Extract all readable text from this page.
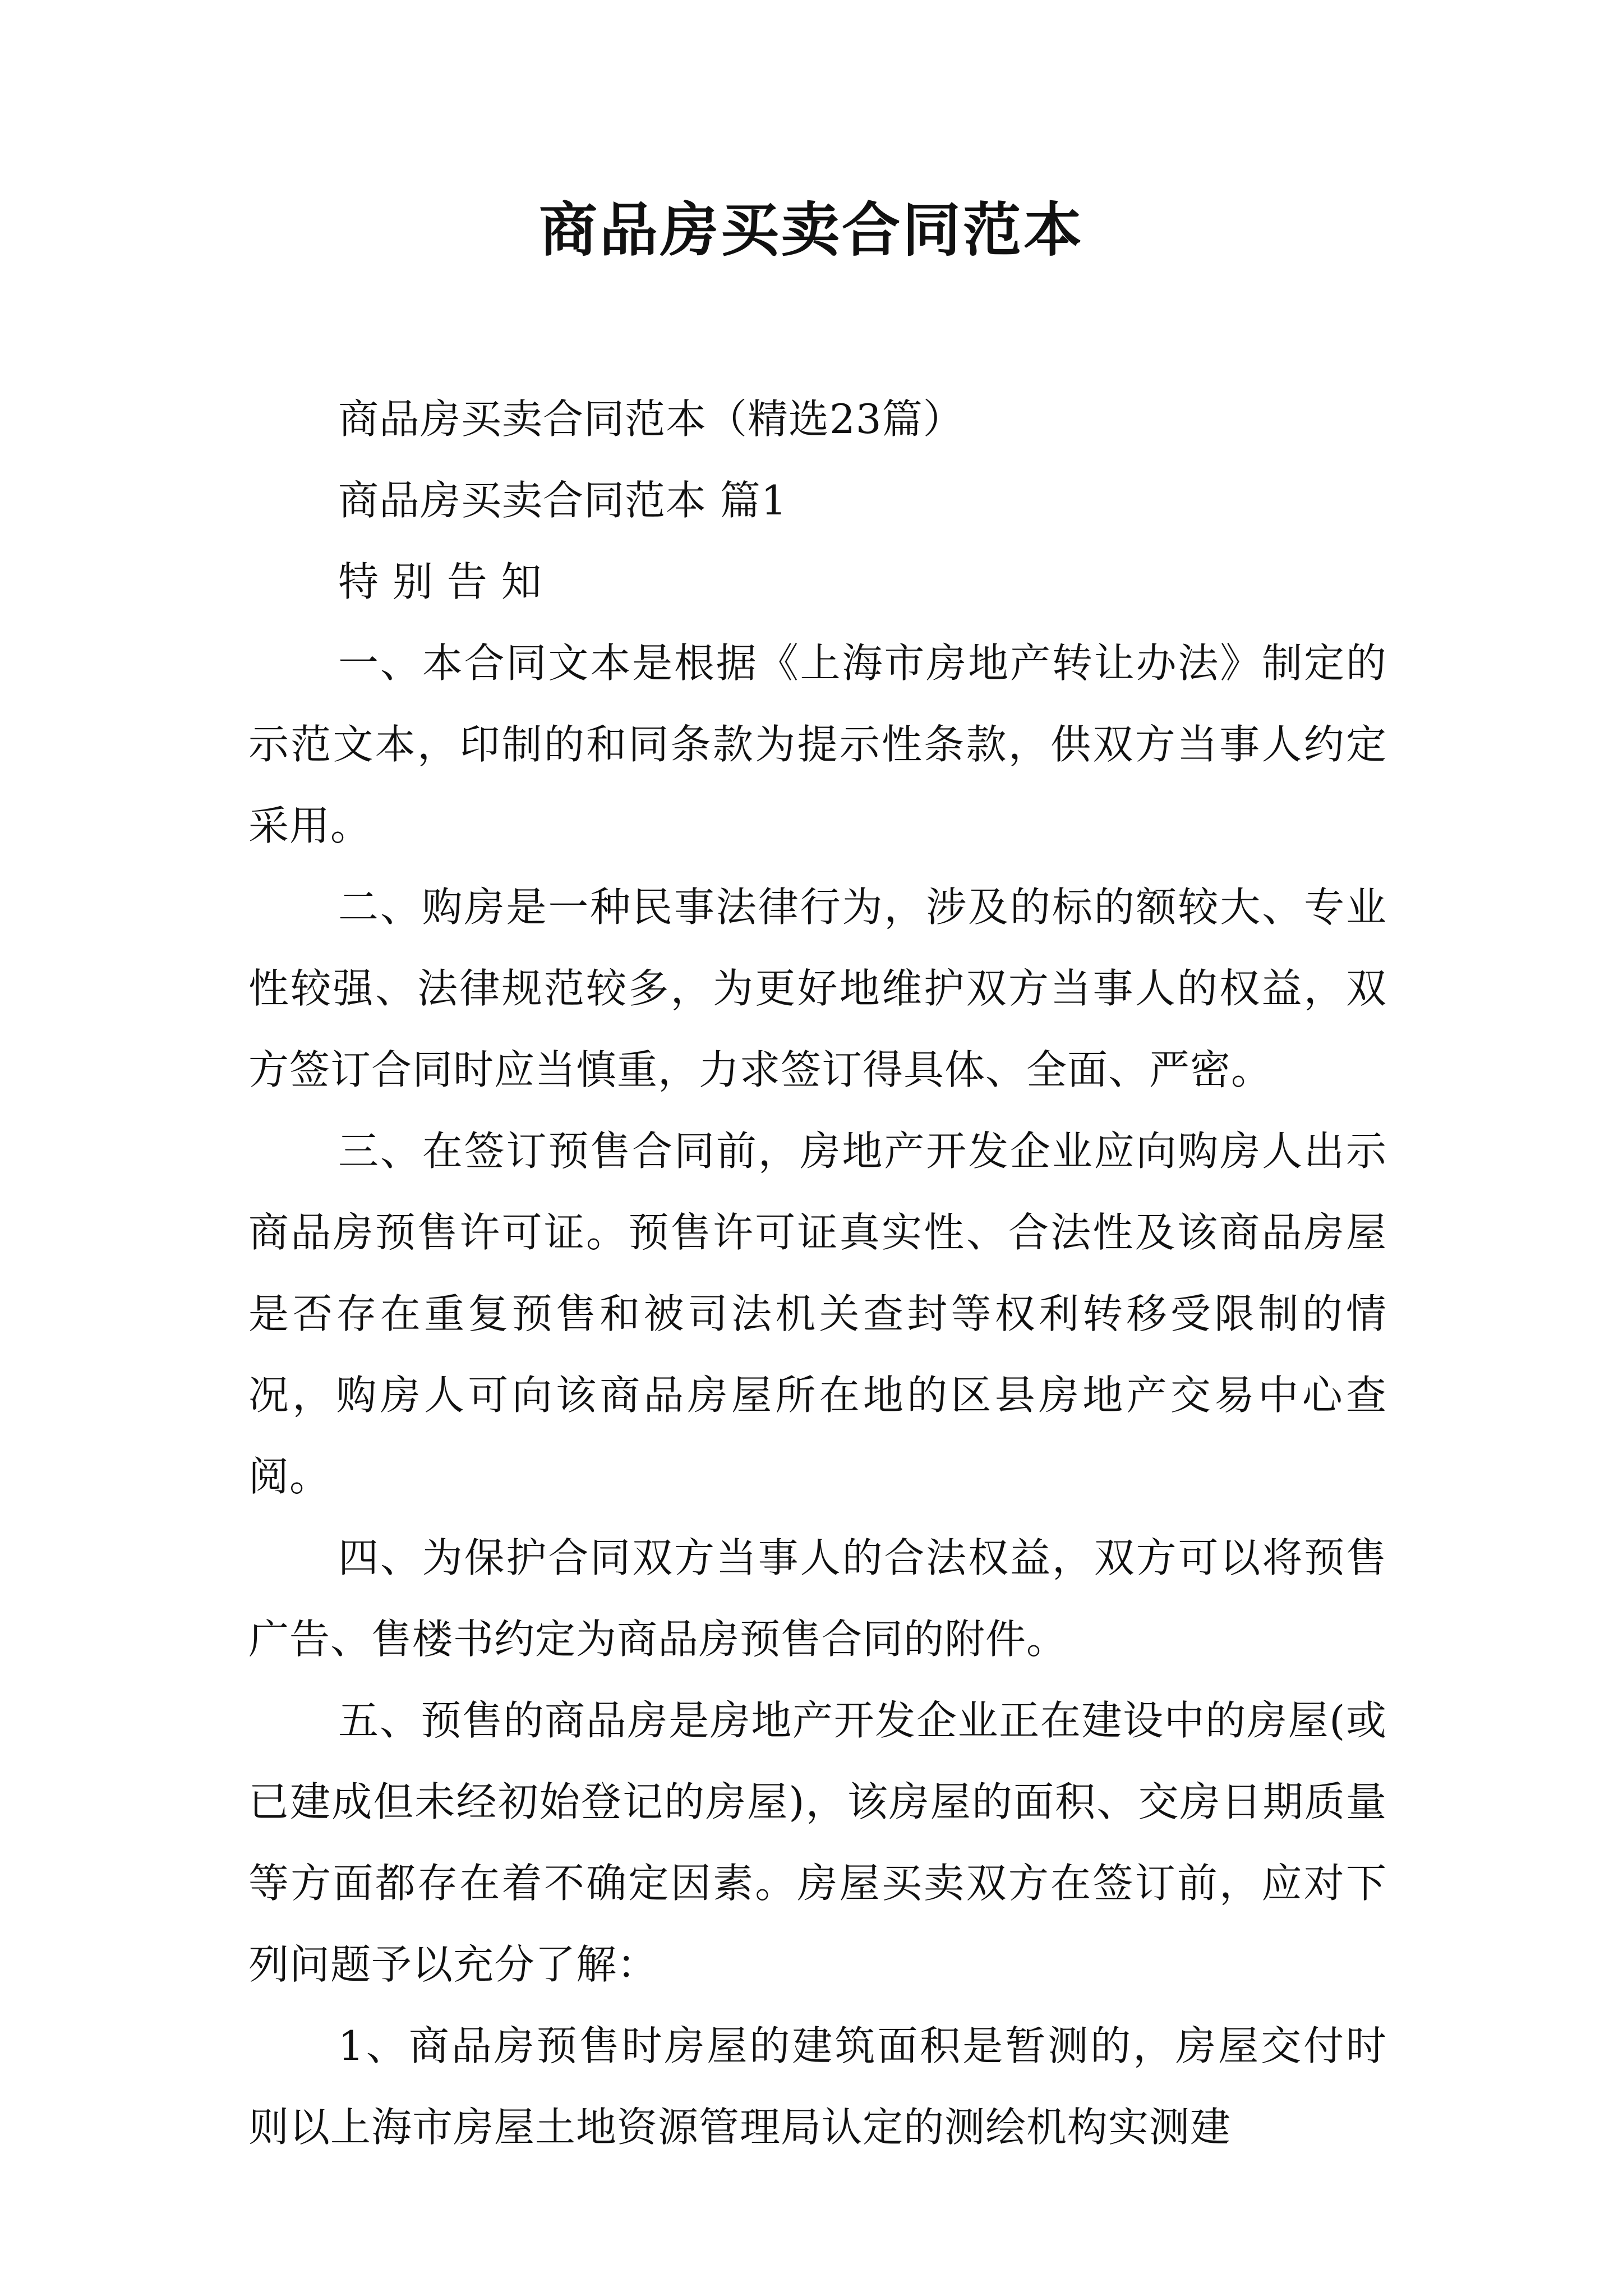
商品房买卖合同范本

商品房买卖合同范本（精选23篇）

商品房买卖合同范本 篇1

特 别 告 知

一、本合同文本是根据《上海市房地产转让办法》制定的示范文本，印制的和同条款为提示性条款，供双方当事人约定采用。

二、购房是一种民事法律行为，涉及的标的额较大、专业性较强、法律规范较多，为更好地维护双方当事人的权益，双方签订合同时应当慎重，力求签订得具体、全面、严密。

三、在签订预售合同前，房地产开发企业应向购房人出示商品房预售许可证。预售许可证真实性、合法性及该商品房屋是否存在重复预售和被司法机关查封等权利转移受限制的情况，购房人可向该商品房屋所在地的区县房地产交易中心查阅。

四、为保护合同双方当事人的合法权益，双方可以将预售广告、售楼书约定为商品房预售合同的附件。

五、预售的商品房是房地产开发企业正在建设中的房屋(或已建成但未经初始登记的房屋)，该房屋的面积、交房日期质量等方面都存在着不确定因素。房屋买卖双方在签订前，应对下列问题予以充分了解：

1、商品房预售时房屋的建筑面积是暂测的，房屋交付时则以上海市房屋土地资源管理局认定的测绘机构实测建
